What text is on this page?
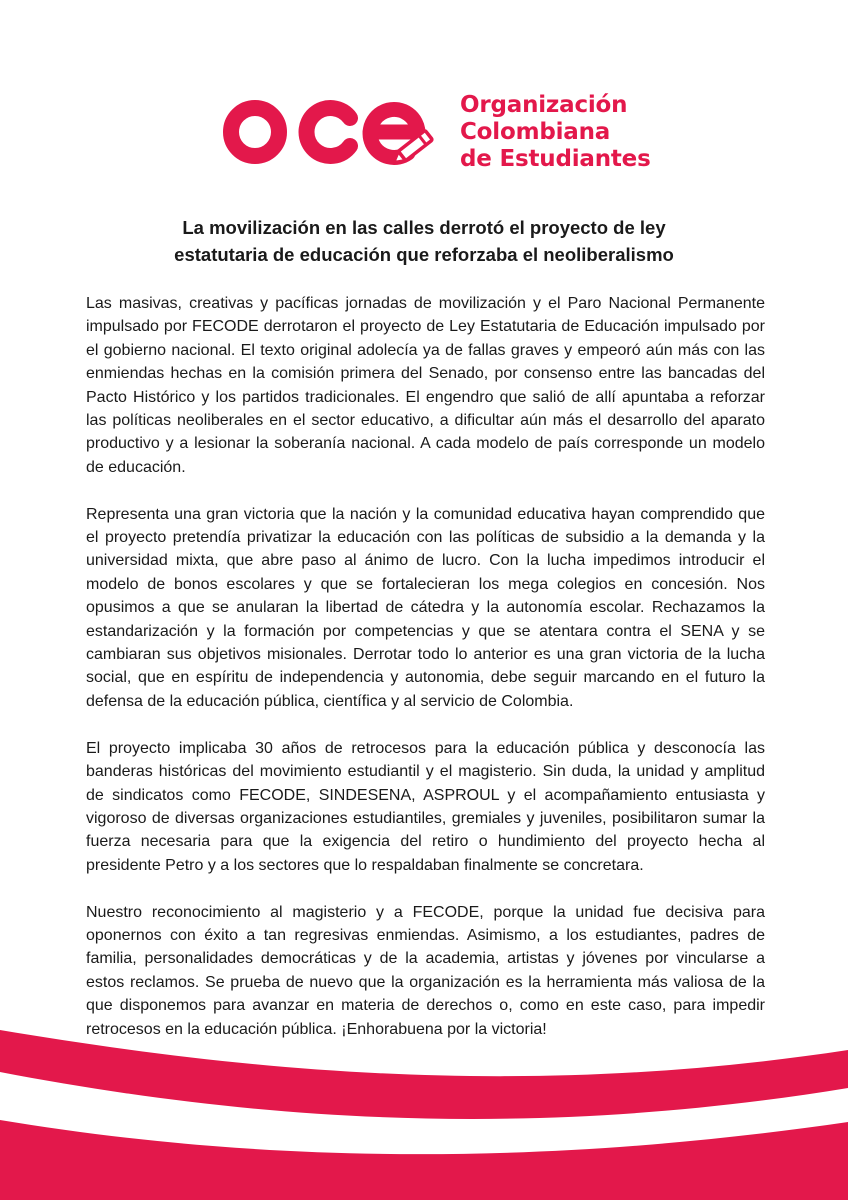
Organización
Colombiana
de Estudiantes
La movilización en las calles derrotó el proyecto de ley
estatutaria de educación que reforzaba el neoliberalismo

Las masivas, creativas y pacíficas jornadas de movilización y el Paro Nacional Permanente impulsado por FECODE derrotaron el proyecto de Ley Estatutaria de Educación impulsado por el gobierno nacional. El texto original adolecía ya de fallas graves y empeoró aún más con las enmiendas hechas en la comisión primera del Senado, por consenso entre las bancadas del Pacto Histórico y los partidos tradicionales. El engendro que salió de allí apuntaba a reforzar las políticas neoliberales en el sector educativo, a dificultar aún más el desarrollo del aparato productivo y a lesionar la soberanía nacional. A cada modelo de país corresponde un modelo de educación.

Representa una gran victoria que la nación y la comunidad educativa hayan comprendido que el proyecto pretendía privatizar la educación con las políticas de subsidio a la demanda y la universidad mixta, que abre paso al ánimo de lucro. Con la lucha impedimos introducir el modelo de bonos escolares y que se fortalecieran los mega colegios en concesión. Nos opusimos a que se anularan la libertad de cátedra y la autonomía escolar. Rechazamos la estandarización y la formación por competencias y que se atentara contra el SENA y se cambiaran sus objetivos misionales. Derrotar todo lo anterior es una gran victoria de la lucha social, que en espíritu de independencia y autonomia, debe seguir marcando en el futuro la defensa de la educación pública, científica y al servicio de Colombia.

El proyecto implicaba 30 años de retrocesos para la educación pública y desconocía las banderas históricas del movimiento estudiantil y el magisterio. Sin duda, la unidad y amplitud de sindicatos como FECODE, SINDESENA, ASPROUL y el acompañamiento entusiasta y vigoroso de diversas organizaciones estudiantiles, gremiales y juveniles, posibilitaron sumar la fuerza necesaria para que la exigencia del retiro o hundimiento del proyecto hecha al presidente Petro y a los sectores que lo respaldaban finalmente se concretara.

Nuestro reconocimiento al magisterio y a FECODE, porque la unidad fue decisiva para oponernos con éxito a tan regresivas enmiendas. Asimismo, a los estudiantes, padres de familia, personalidades democráticas y de la academia, artistas y jóvenes por vincularse a estos reclamos. Se prueba de nuevo que la organización es la herramienta más valiosa de la que disponemos para avanzar en materia de derechos o, como en este caso, para impedir retrocesos en la educación pública. ¡Enhorabuena por la victoria!
